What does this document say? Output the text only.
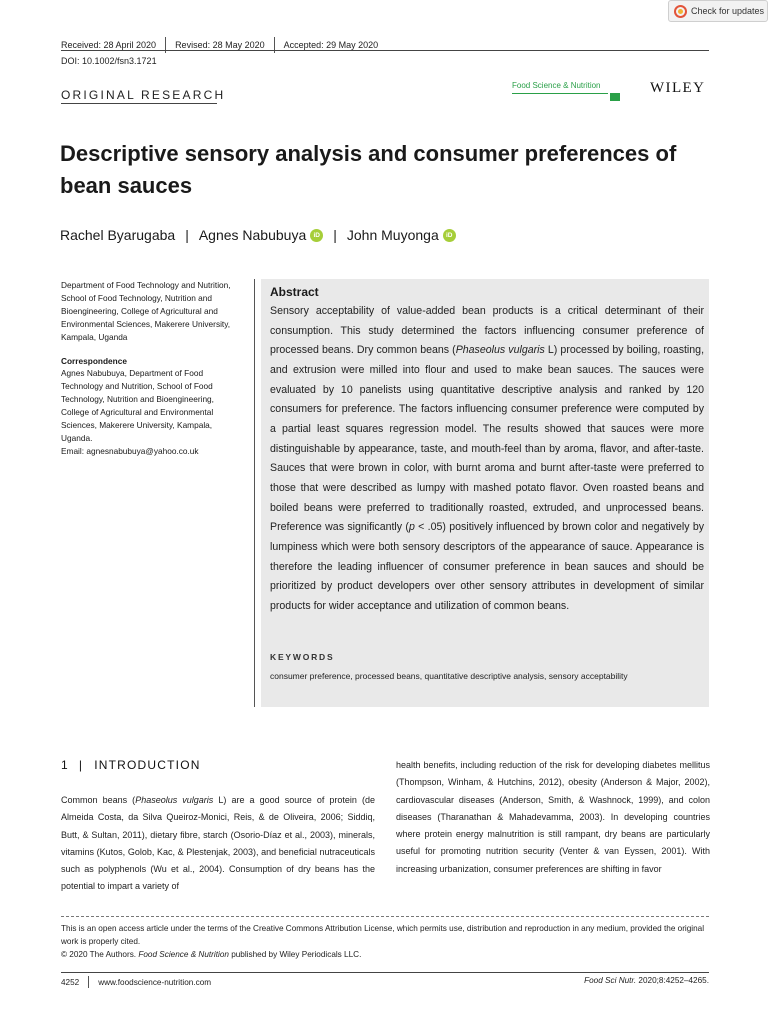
Check for updates
Received: 28 April 2020 Revised: 28 May 2020 Accepted: 29 May 2020
DOI: 10.1002/fsn3.1721
ORIGINAL RESEARCH
Food Science & Nutrition
Open Access
WILEY
Descriptive sensory analysis and consumer preferences of bean sauces
Rachel Byarugaba | Agnes Nabubuya	iD | John Muyonga	iD
Department of Food Technology and Nutrition, School of Food Technology, Nutrition and Bioengineering, College of Agricultural and Environmental Sciences, Makerere University, Kampala, Uganda
Correspondence
Agnes Nabubuya, Department of Food Technology and Nutrition, School of Food Technology, Nutrition and Bioengineering, College of Agricultural and Environmental Sciences, Makerere University, Kampala, Uganda.
Email: agnesnabubuya@yahoo.co.uk
Abstract
Sensory acceptability of value-added bean products is a critical determinant of their consumption. This study determined the factors influencing consumer preference of processed beans. Dry common beans (Phaseolus vulgaris L) processed by boiling, roasting, and extrusion were milled into flour and used to make bean sauces. The sauces were evaluated by 10 panelists using quantitative descriptive analysis and ranked by 120 consumers for preference. The factors influencing consumer preference were computed by a partial least squares regression model. The results showed that sauces were more distinguishable by appearance, taste, and mouth-feel than by aroma, flavor, and after-taste. Sauces that were brown in color, with burnt aroma and burnt after-taste were preferred to those that were described as lumpy with mashed potato flavor. Oven roasted beans and boiled beans were preferred to traditionally roasted, extruded, and unprocessed beans. Preference was significantly (p < .05) positively influenced by brown color and negatively by lumpiness which were both sensory descriptors of the appearance of sauce. Appearance is therefore the leading influencer of consumer preference in bean sauces and should be prioritized by product developers over other sensory attributes in development of similar products for wider acceptance and utilization of common beans.
KEYWORDS
consumer preference, processed beans, quantitative descriptive analysis, sensory acceptability
1 | INTRODUCTION
Common beans (Phaseolus vulgaris L) are a good source of protein (de Almeida Costa, da Silva Queiroz-Monici, Reis, & de Oliveira, 2006; Siddiq, Butt, & Sultan, 2011), dietary fibre, starch (Osorio-Díaz et al., 2003), minerals, vitamins (Kutos, Golob, Kac, & Plestenjak, 2003), and beneficial nutraceuticals such as polyphenols (Wu et al., 2004). Consumption of dry beans has the potential to impart a variety of
health benefits, including reduction of the risk for developing diabetes mellitus (Thompson, Winham, & Hutchins, 2012), obesity (Anderson & Major, 2002), cardiovascular diseases (Anderson, Smith, & Washnock, 1999), and colon diseases (Tharanathan & Mahadevamma, 2003). In developing countries where protein energy malnutrition is still rampant, dry beans are particularly useful for promoting nutrition security (Venter & van Eyssen, 2001). With increasing urbanization, consumer preferences are shifting in favor
This is an open access article under the terms of the Creative Commons Attribution License, which permits use, distribution and reproduction in any medium, provided the original work is properly cited.
© 2020 The Authors. Food Science & Nutrition published by Wiley Periodicals LLC.
4252 www.foodscience-nutrition.com	Food Sci Nutr. 2020;8:4252–4265.
